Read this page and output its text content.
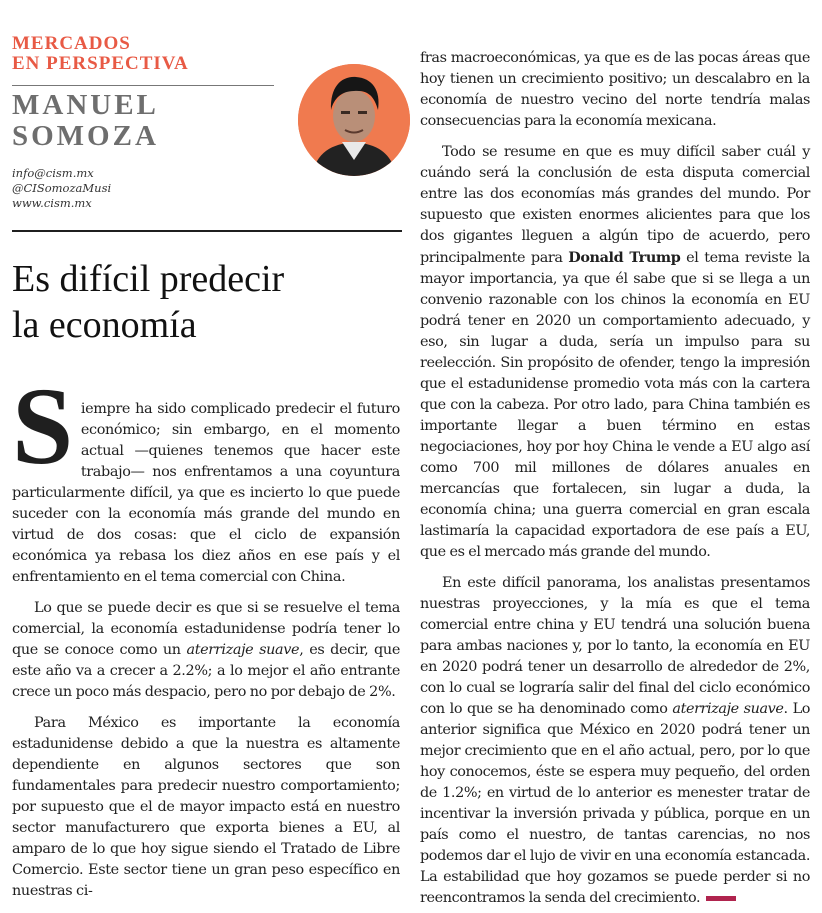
MERCADOS
EN PERSPECTIVA
MANUEL
SOMOZA
info@cism.mx
@CISomozaMusi
www.cism.mx
Es difícil predecir
la economía

Siempre ha sido complicado predecir el futuro económico; sin embargo, en el momento actual —quienes tenemos que hacer este trabajo— nos enfrentamos a una coyuntura particularmente difícil, ya que es incierto lo que puede suceder con la economía más grande del mundo en virtud de dos cosas: que el ciclo de expansión económica ya rebasa los diez años en ese país y el enfrentamiento en el tema comercial con China.

Lo que se puede decir es que si se resuelve el tema comercial, la economía estadunidense podría tener lo que se conoce como un aterrizaje suave, es decir, que este año va a crecer a 2.2%; a lo mejor el año entrante crece un poco más despacio, pero no por debajo de 2%.

Para México es importante la economía estadunidense debido a que la nuestra es altamente dependiente en algunos sectores que son fundamentales para predecir nuestro comportamiento; por supuesto que el de mayor impacto está en nuestro sector manufacturero que exporta bienes a EU, al amparo de lo que hoy sigue siendo el Tratado de Libre Comercio. Este sector tiene un gran peso específico en nuestras ci-

fras macroeconómicas, ya que es de las pocas áreas que hoy tienen un crecimiento positivo; un descalabro en la economía de nuestro vecino del norte tendría malas consecuencias para la economía mexicana.

Todo se resume en que es muy difícil saber cuál y cuándo será la conclusión de esta disputa comercial entre las dos economías más grandes del mundo. Por supuesto que existen enormes alicientes para que los dos gigantes lleguen a algún tipo de acuerdo, pero principalmente para Donald Trump el tema reviste la mayor importancia, ya que él sabe que si se llega a un convenio razonable con los chinos la economía en EU podrá tener en 2020 un comportamiento adecuado, y eso, sin lugar a duda, sería un impulso para su reelección. Sin propósito de ofender, tengo la impresión que el estadunidense promedio vota más con la cartera que con la cabeza. Por otro lado, para China también es importante llegar a buen término en estas negociaciones, hoy por hoy China le vende a EU algo así como 700 mil millones de dólares anuales en mercancías que fortalecen, sin lugar a duda, la economía china; una guerra comercial en gran escala lastimaría la capacidad exportadora de ese país a EU, que es el mercado más grande del mundo.

En este difícil panorama, los analistas presentamos nuestras proyecciones, y la mía es que el tema comercial entre china y EU tendrá una solución buena para ambas naciones y, por lo tanto, la economía en EU en 2020 podrá tener un desarrollo de alrededor de 2%, con lo cual se lograría salir del final del ciclo económico con lo que se ha denominado como aterrizaje suave. Lo anterior significa que México en 2020 podrá tener un mejor crecimiento que en el año actual, pero, por lo que hoy conocemos, éste se espera muy pequeño, del orden de 1.2%; en virtud de lo anterior es menester tratar de incentivar la inversión privada y pública, porque en un país como el nuestro, de tantas carencias, no nos podemos dar el lujo de vivir en una economía estancada. La estabilidad que hoy gozamos se puede perder si no reencontramos la senda del crecimiento.
